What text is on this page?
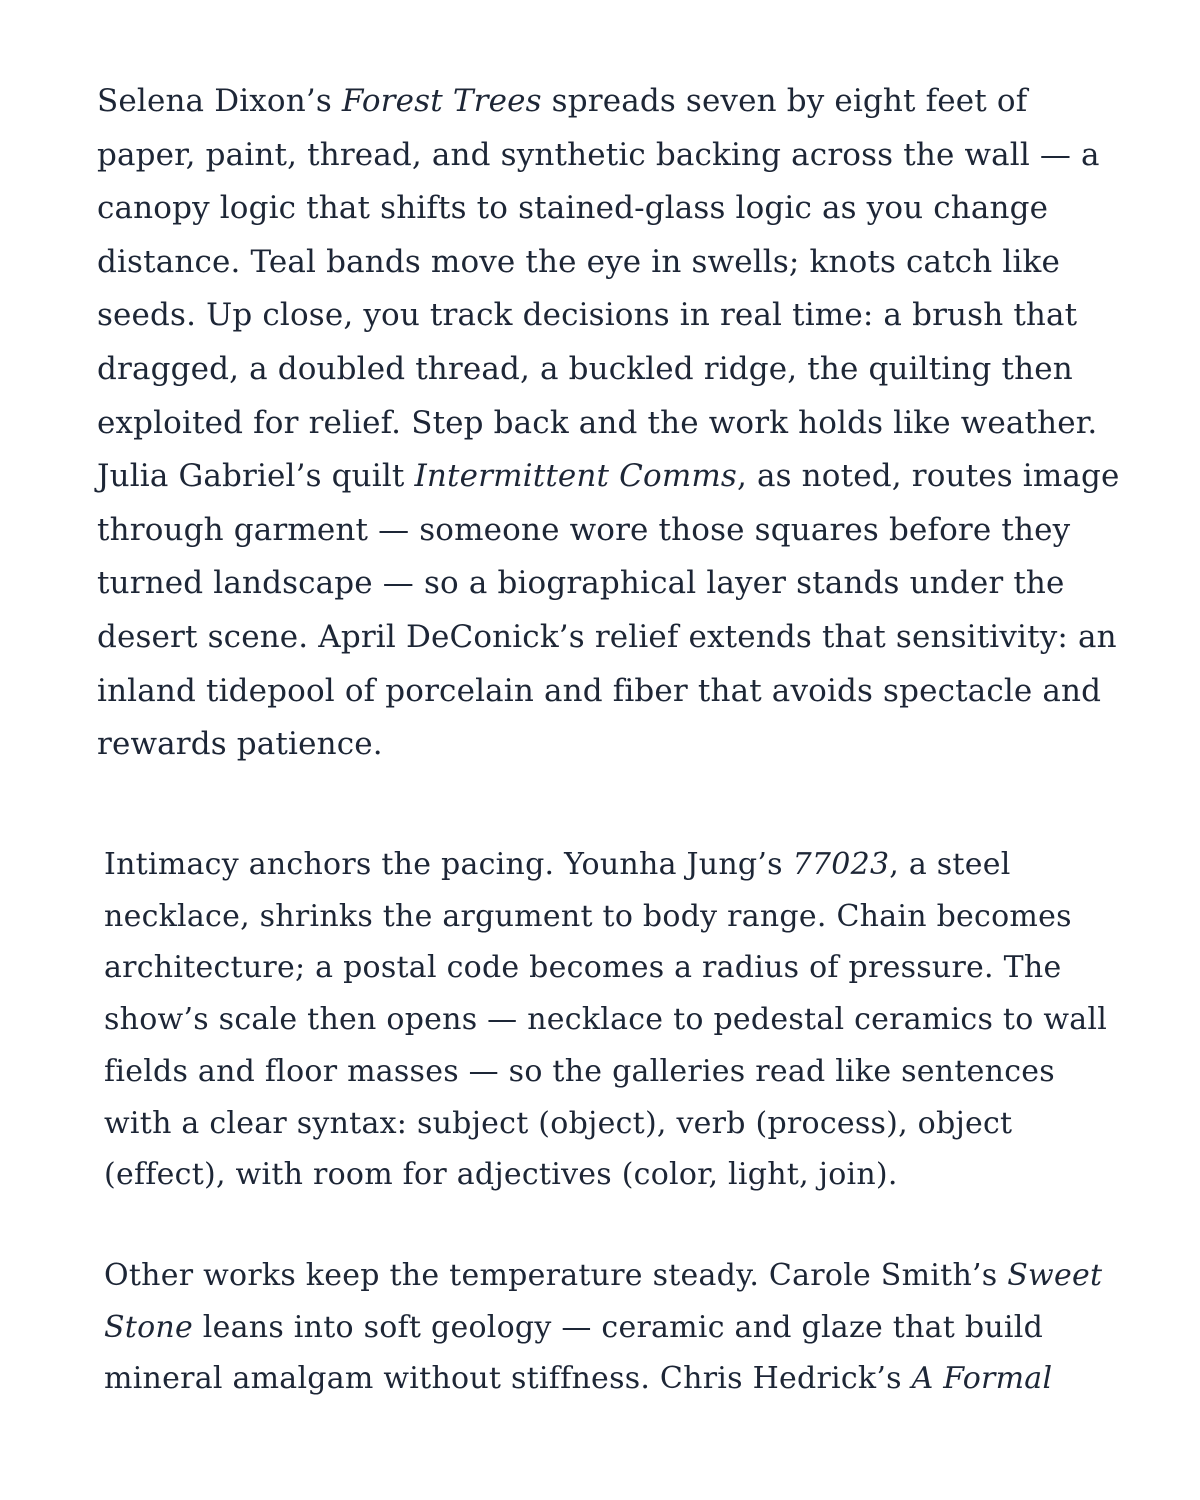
Selena Dixon’s Forest Trees spreads seven by eight feet of
paper, paint, thread, and synthetic backing across the wall — a
canopy logic that shifts to stained-glass logic as you change
distance. Teal bands move the eye in swells; knots catch like
seeds. Up close, you track decisions in real time: a brush that
dragged, a doubled thread, a buckled ridge, the quilting then
exploited for relief. Step back and the work holds like weather.
Julia Gabriel’s quilt Intermittent Comms, as noted, routes image
through garment — someone wore those squares before they
turned landscape — so a biographical layer stands under the
desert scene. April DeConick’s relief extends that sensitivity: an
inland tidepool of porcelain and fiber that avoids spectacle and
rewards patience.

Intimacy anchors the pacing. Younha Jung’s 77023, a steel
necklace, shrinks the argument to body range. Chain becomes
architecture; a postal code becomes a radius of pressure. The
show’s scale then opens — necklace to pedestal ceramics to wall
fields and floor masses — so the galleries read like sentences
with a clear syntax: subject (object), verb (process), object
(effect), with room for adjectives (color, light, join).

Other works keep the temperature steady. Carole Smith’s Sweet
Stone leans into soft geology — ceramic and glaze that build
mineral amalgam without stiffness. Chris Hedrick’s A Formal
